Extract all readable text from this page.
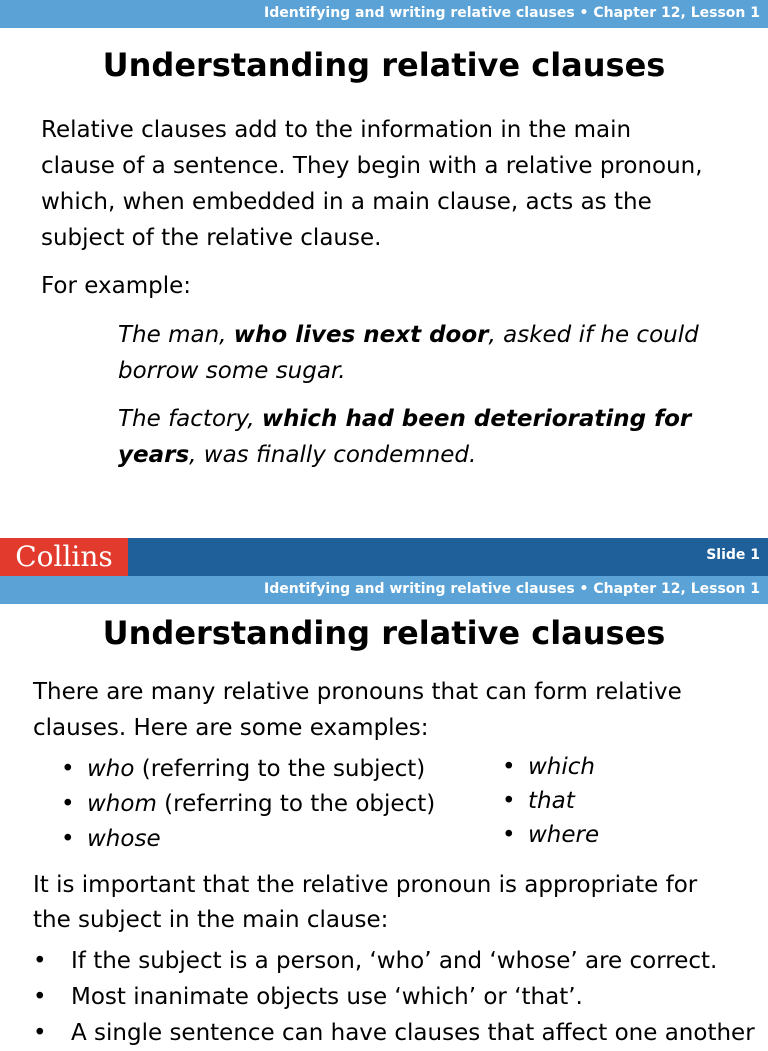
Identifying and writing relative clauses • Chapter 12, Lesson 1
Understanding relative clauses

Relative clauses add to the information in the main

clause of a sentence. They begin with a relative pronoun,

which, when embedded in a main clause, acts as the

subject of the relative clause.

For example:

The man, who lives next door, asked if he could

borrow some sugar.

The factory, which had been deteriorating for

years, was finally condemned.

Collins	Slide 1
Identifying and writing relative clauses • Chapter 12, Lesson 1
Understanding relative clauses

There are many relative pronouns that can form relative

clauses. Here are some examples:

• who (referring to the subject)
• whom (referring to the object)
• whose
• which
• that
• where

It is important that the relative pronoun is appropriate for

the subject in the main clause:

• If the subject is a person, ‘who’ and ‘whose’ are correct.
• Most inanimate objects use ‘which’ or ‘that’.
• A single sentence can have clauses that affect one another
